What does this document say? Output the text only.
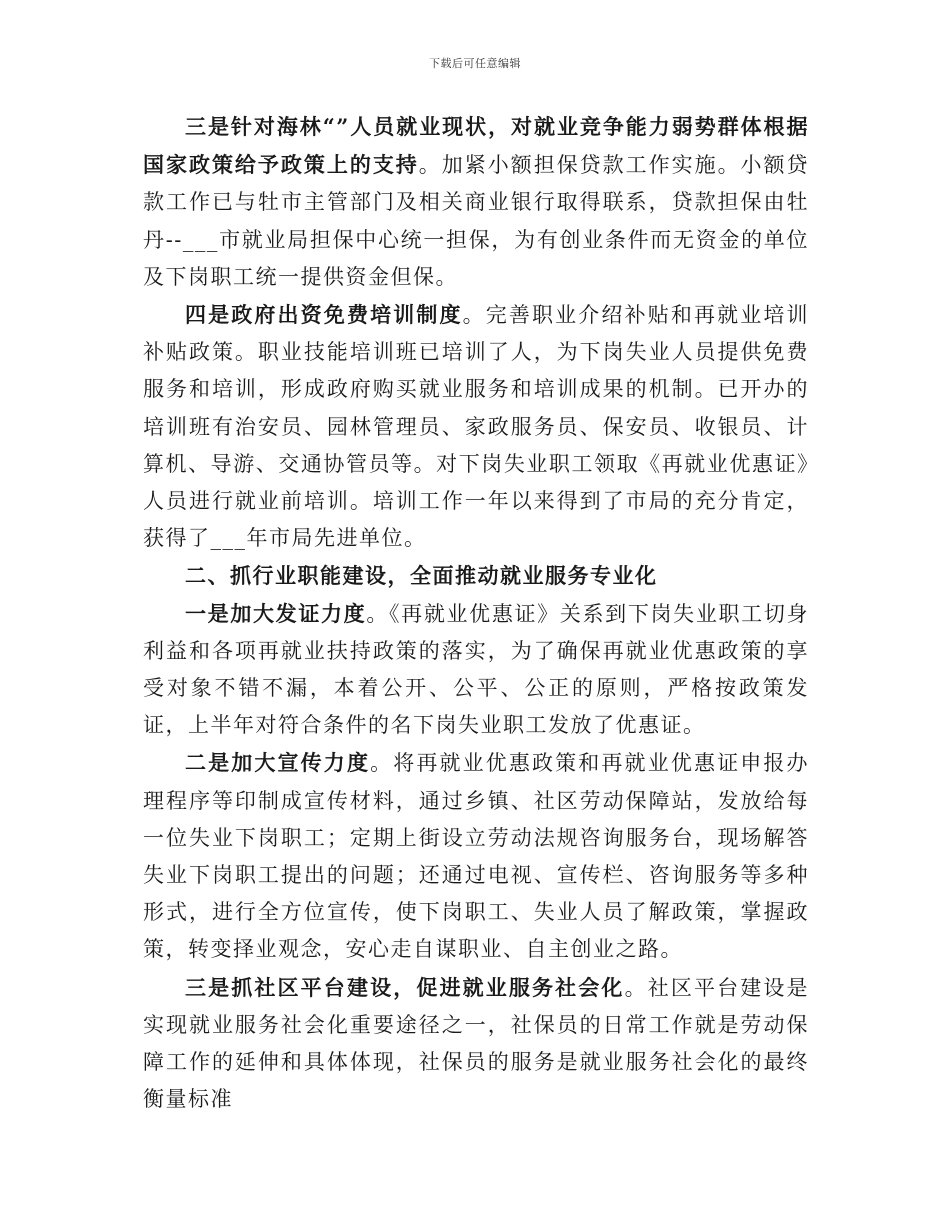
下载后可任意编辑

三是针对海林“”人员就业现状，对就业竞争能力弱势群体根据国家政策给予政策上的支持。加紧小额担保贷款工作实施。小额贷款工作已与牡市主管部门及相关商业银行取得联系，贷款担保由牡丹--___市就业局担保中心统一担保，为有创业条件而无资金的单位及下岗职工统一提供资金但保。

四是政府出资免费培训制度。完善职业介绍补贴和再就业培训补贴政策。职业技能培训班已培训了人，为下岗失业人员提供免费服务和培训，形成政府购买就业服务和培训成果的机制。已开办的培训班有治安员、园林管理员、家政服务员、保安员、收银员、计算机、导游、交通协管员等。对下岗失业职工领取《再就业优惠证》人员进行就业前培训。培训工作一年以来得到了市局的充分肯定，获得了___年市局先进单位。

二、抓行业职能建设，全面推动就业服务专业化

一是加大发证力度。《再就业优惠证》关系到下岗失业职工切身利益和各项再就业扶持政策的落实，为了确保再就业优惠政策的享受对象不错不漏，本着公开、公平、公正的原则，严格按政策发证，上半年对符合条件的名下岗失业职工发放了优惠证。

二是加大宣传力度。将再就业优惠政策和再就业优惠证申报办理程序等印制成宣传材料，通过乡镇、社区劳动保障站，发放给每一位失业下岗职工；定期上街设立劳动法规咨询服务台，现场解答失业下岗职工提出的问题；还通过电视、宣传栏、咨询服务等多种形式，进行全方位宣传，使下岗职工、失业人员了解政策，掌握政策，转变择业观念，安心走自谋职业、自主创业之路。

三是抓社区平台建设，促进就业服务社会化。社区平台建设是实现就业服务社会化重要途径之一，社保员的日常工作就是劳动保障工作的延伸和具体体现，社保员的服务是就业服务社会化的最终衡量标准
